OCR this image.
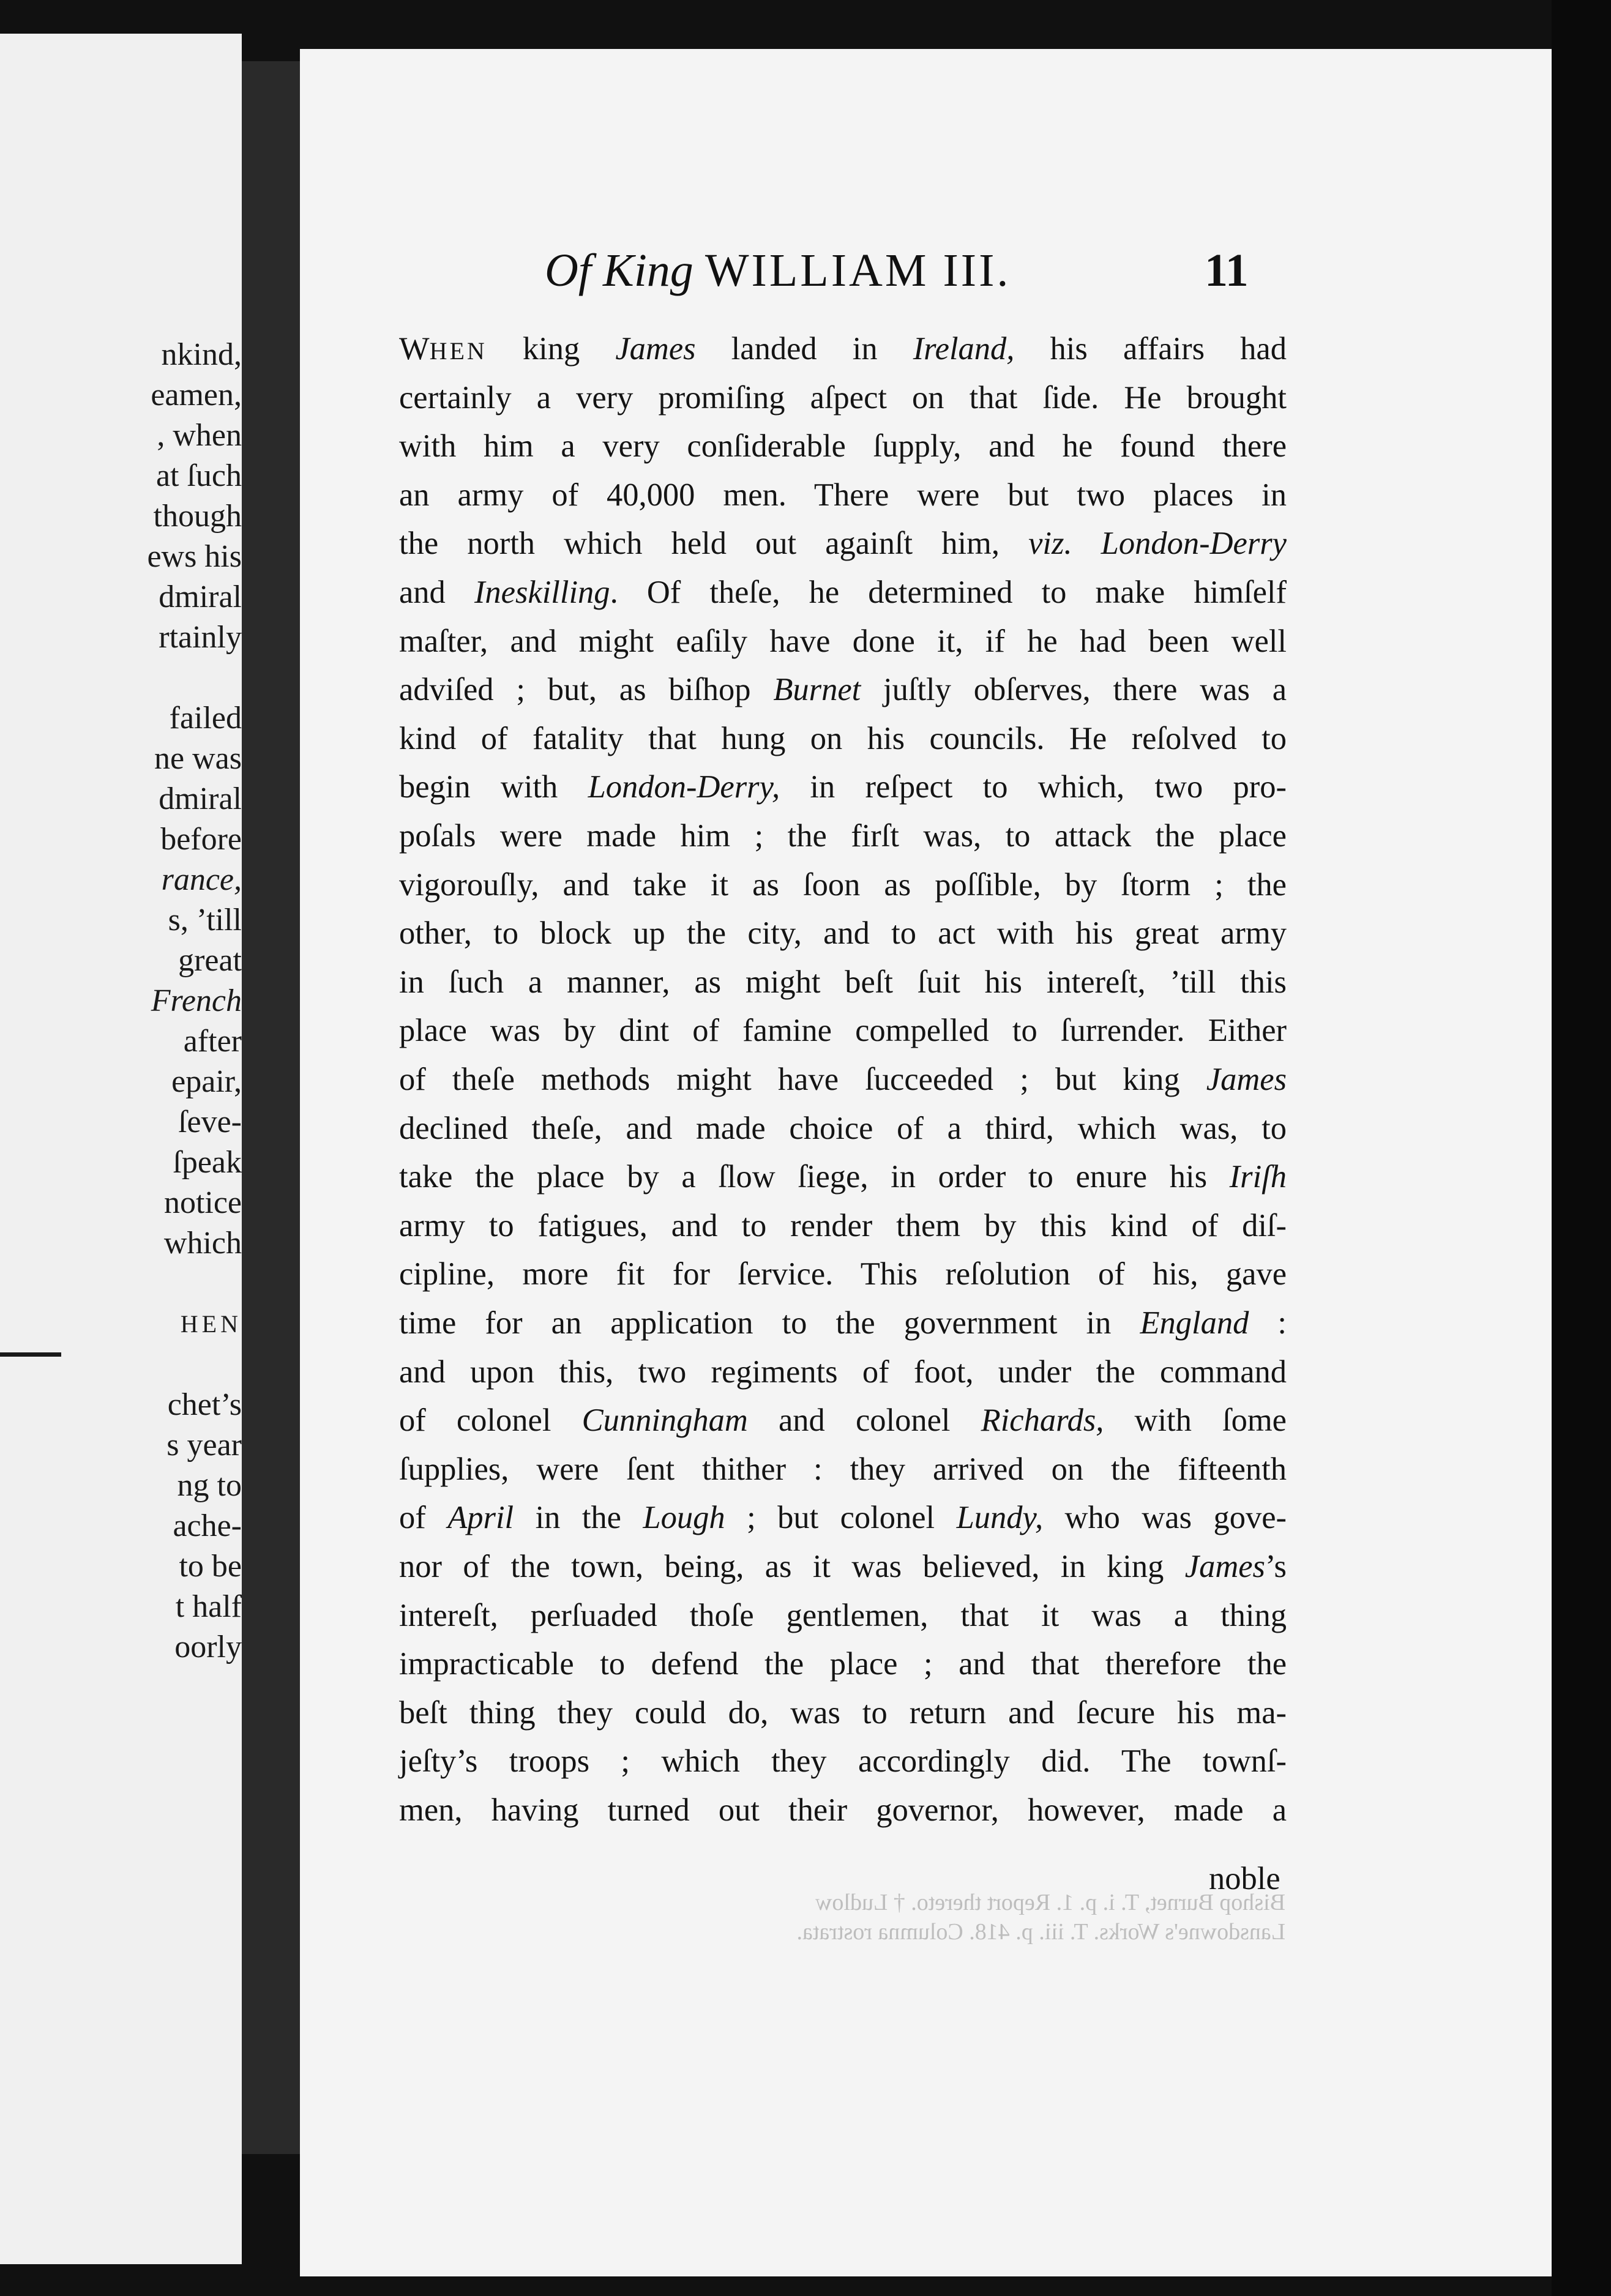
nkind,
eamen,
, when
at ſuch
though
ews his
dmiral
rtainly
failed
ne was
dmiral
before
rance,
s, ’till
great
French
after
epair,
ſeve-
ſpeak
notice
which
HEN
chet’s
s year
ng to
ache-
to be
t half
oorly
Of King WILLIAM III.	11
WHEN king James landed in Ireland, his affairs had
certainly a very promiſing aſpect on that ſide. He brought
with him a very conſiderable ſupply, and he found there
an army of 40,000 men. There were but two places in
the north which held out againſt him, viz. London-Derry
and Ineskilling. Of theſe, he determined to make himſelf
maſter, and might eaſily have done it, if he had been well
adviſed ; but, as biſhop Burnet juſtly obſerves, there was a
kind of fatality that hung on his councils. He reſolved to
begin with London-Derry, in reſpect to which, two pro-
poſals were made him ; the firſt was, to attack the place
vigorouſly, and take it as ſoon as poſſible, by ſtorm ; the
other, to block up the city, and to act with his great army
in ſuch a manner, as might beſt ſuit his intereſt, ’till this
place was by dint of famine compelled to ſurrender. Either
of theſe methods might have ſucceeded ; but king James
declined theſe, and made choice of a third, which was, to
take the place by a ſlow ſiege, in order to enure his Iriſh
army to fatigues, and to render them by this kind of diſ-
cipline, more fit for ſervice. This reſolution of his, gave
time for an application to the government in England :
and upon this, two regiments of foot, under the command
of colonel Cunningham and colonel Richards, with ſome
ſupplies, were ſent thither : they arrived on the fifteenth
of April in the Lough ; but colonel Lundy, who was gove-
nor of the town, being, as it was believed, in king James’s
intereſt, perſuaded thoſe gentlemen, that it was a thing
impracticable to defend the place ; and that therefore the
beſt thing they could do, was to return and ſecure his ma-
jeſty’s troops ; which they accordingly did. The townſ-
men, having turned out their governor, however, made a
noble
Bishop Burnet, T. i. p. 1. Report thereto. † Ludlow
Lansdowne's Works. T. iii. p. 418. Columna rostrata.
